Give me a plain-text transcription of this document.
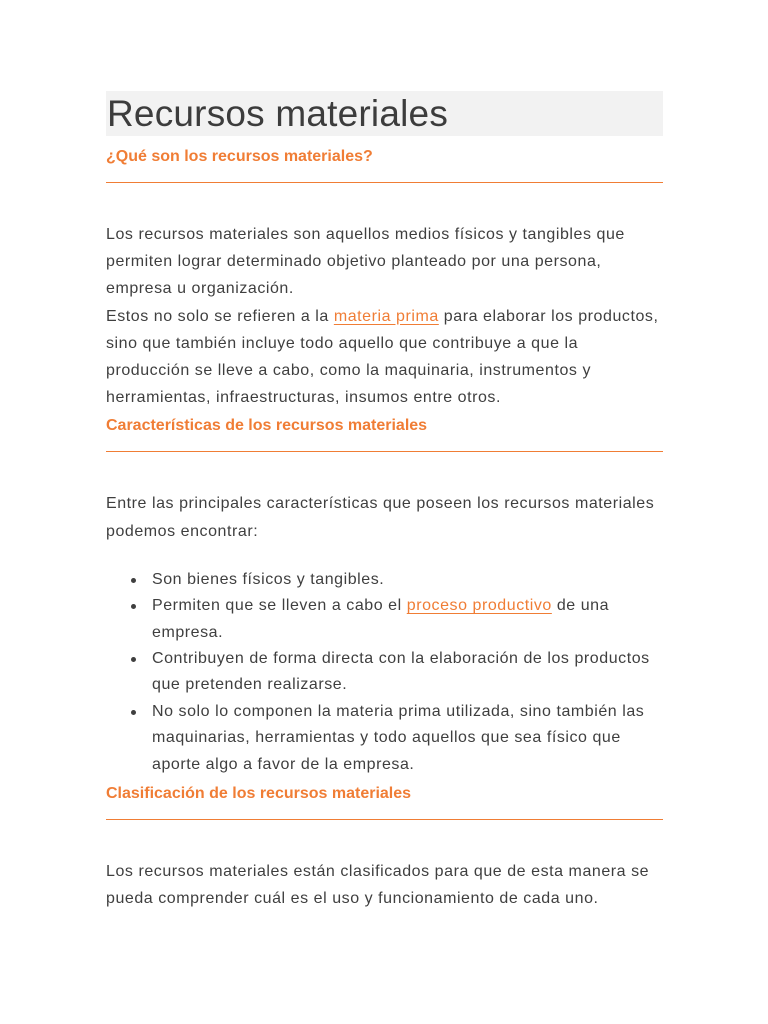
Recursos materiales
¿Qué son los recursos materiales?

Los recursos materiales son aquellos medios físicos y tangibles que permiten lograr determinado objetivo planteado por una persona, empresa u organización.
Estos no solo se refieren a la materia prima para elaborar los productos, sino que también incluye todo aquello que contribuye a que la producción se lleve a cabo, como la maquinaria, instrumentos y herramientas, infraestructuras, insumos entre otros.

Características de los recursos materiales

Entre las principales características que poseen los recursos materiales podemos encontrar:

Son bienes físicos y tangibles.
Permiten que se lleven a cabo el proceso productivo de una empresa.
Contribuyen de forma directa con la elaboración de los productos que pretenden realizarse.
No solo lo componen la materia prima utilizada, sino también las maquinarias, herramientas y todo aquellos que sea físico que aporte algo a favor de la empresa.
Clasificación de los recursos materiales

Los recursos materiales están clasificados para que de esta manera se pueda comprender cuál es el uso y funcionamiento de cada uno.
